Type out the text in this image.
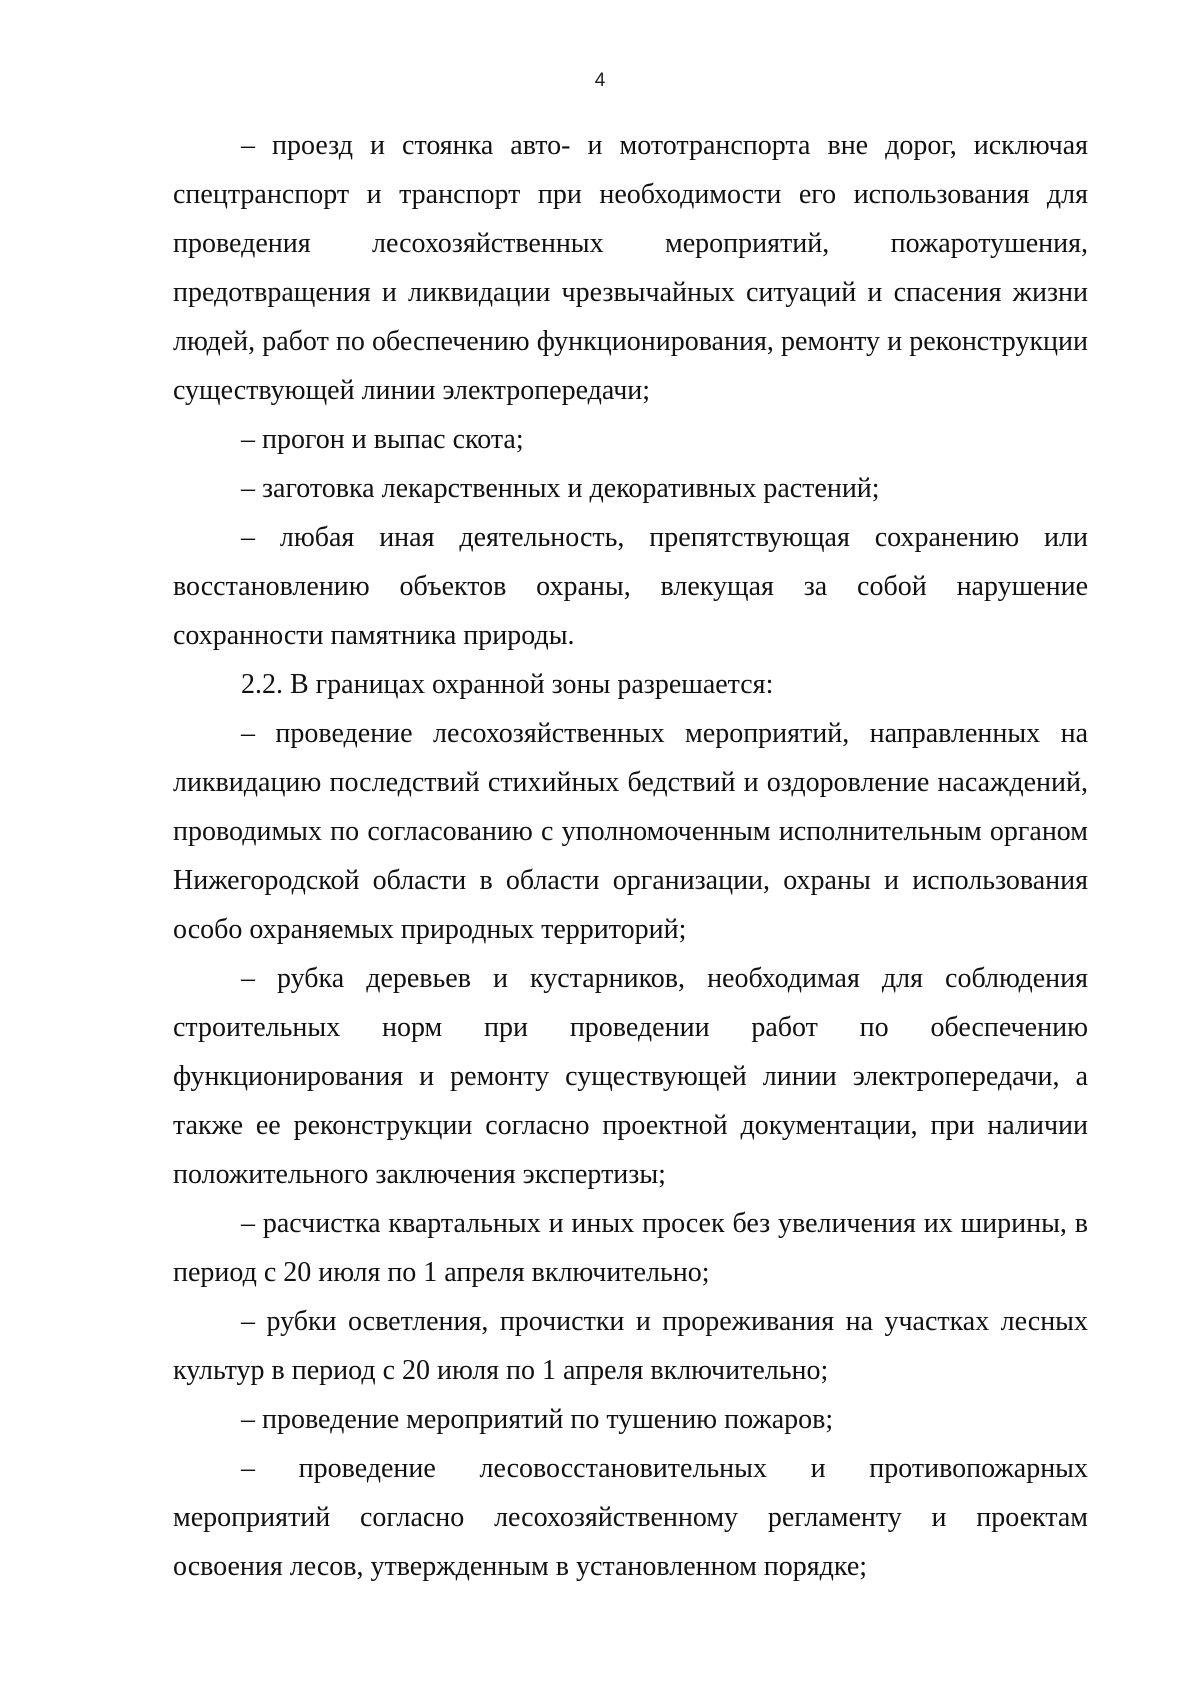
4

– проезд и стоянка авто- и мототранспорта вне дорог, исключая спецтранспорт и транспорт при необходимости его использования для проведения лесохозяйственных мероприятий, пожаротушения, предотвращения и ликвидации чрезвычайных ситуаций и спасения жизни людей, работ по обеспечению функционирования, ремонту и реконструкции существующей линии электропередачи;

– прогон и выпас скота;

– заготовка лекарственных и декоративных растений;

– любая иная деятельность, препятствующая сохранению или восстановлению объектов охраны, влекущая за собой нарушение сохранности памятника природы.

2.2. В границах охранной зоны разрешается:

– проведение лесохозяйственных мероприятий, направленных на ликвидацию последствий стихийных бедствий и оздоровление насаждений, проводимых по согласованию с уполномоченным исполнительным органом Нижегородской области в области организации, охраны и использования особо охраняемых природных территорий;

– рубка деревьев и кустарников, необходимая для соблюдения строительных норм при проведении работ по обеспечению функционирования и ремонту существующей линии электропередачи, а также ее реконструкции согласно проектной документации, при наличии положительного заключения экспертизы;

– расчистка квартальных и иных просек без увеличения их ширины, в период с 20 июля по 1 апреля включительно;

– рубки осветления, прочистки и прореживания на участках лесных культур в период с 20 июля по 1 апреля включительно;

– проведение мероприятий по тушению пожаров;

– проведение лесовосстановительных и противопожарных мероприятий согласно лесохозяйственному регламенту и проектам освоения лесов, утвержденным в установленном порядке;
